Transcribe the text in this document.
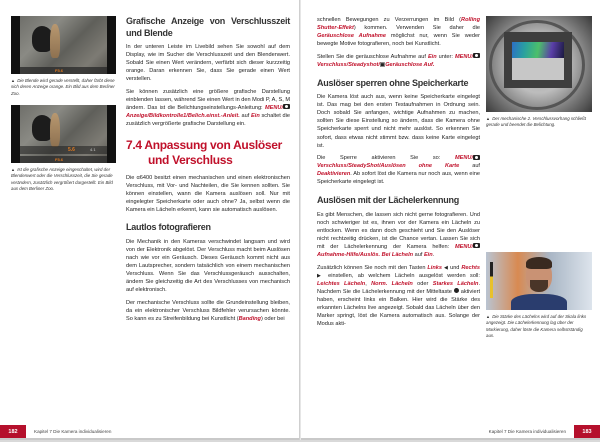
F5.6
▲ Die Blende wird gerade verstellt, daher färbt diese sich deren Anzeige orange. Ein Bild aus dem Berliner Zoo.
5.6	4.1
F5.6
▲ Ist die grafische Anzeige eingeschaltet, wird der Blendenwert oder die Verschlusszeit, die Sie gerade verändern, zusätzlich vergrößert dargestellt. Ein Bild aus dem Berliner Zoo.
Grafische Anzeige von Verschlusszeit und Blende

In der unteren Leiste im Livebild sehen Sie sowohl auf dem Display, wie im Sucher die Verschlusszeit und den Blendenwert. Sobald Sie einen Wert verändern, verfärbt sich dieser kurzzeitig orange. Daran erkennen Sie, dass Sie gerade einen Wert verstellen.

Sie können zusätzlich eine größere grafische Darstellung einblenden lassen, während Sie einen Wert in den Modi P, A, S, M ändern. Das ist die Belichtungseinstellungs-Anleitung: MENU/Anzeige/Bildkontrolle1/Belich.einst.-Anleit. auf Ein schaltet die zusätzlich vergrößerte grafische Darstellung ein.

7.4 Anpassung von Auslöser
und Verschluss

Die α6400 besitzt einen mechanischen und einen elektronischen Verschluss, mit Vor- und Nachteilen, die Sie kennen sollten. Sie können einstellen, wann die Kamera auslösen soll. Nur mit eingelegter Speicherkarte oder auch ohne? Ja, selbst wenn die Kamera ein Lächeln erkennt, kann sie automatisch auslösen.

Lautlos fotografieren

Die Mechanik in den Kameras verschwindet langsam und wird von der Elektronik abgelöst. Der Verschluss macht beim Auslösen nach wie vor ein Geräusch. Dieses Geräusch kommt nicht aus dem Lautsprecher, sondern tatsächlich von einem mechanischen Verschluss. Wenn Sie das Verschlussgeräusch ausschalten, ändern Sie gleichzeitig die Art des Verschlusses von mechanisch auf elektronisch.

Der mechanische Verschluss sollte die Grundeinstellung bleiben, da ein elektronischer Verschluss Bildfehler verursachen könnte. So kann es zu Streifenbildung bei Kunstlicht (Banding) oder bei

182	Kapitel 7 Die Kamera individualisieren

schnellen Bewegungen zu Verzerrungen im Bild (Rolling Shutter-Effekt) kommen. Verwenden Sie daher die Geräuschlose Aufnahme möglichst nur, wenn Sie weder bewegte Motive fotografieren, noch bei Kunstlicht.

Stellen Sie die geräuschlose Aufnahme auf Ein unter: MENU/Verschluss/Steadyshot/▣Geräuschlose Auf.

Auslöser sperren ohne Speicherkarte

Die Kamera löst auch aus, wenn keine Speicherkarte eingelegt ist. Das mag bei den ersten Testaufnahmen in Ordnung sein. Doch sobald Sie anfangen, wichtige Aufnahmen zu machen, sollten Sie diese Einstellung so ändern, dass die Kamera ohne Speicherkarte sperrt und nicht mehr auslöst. So erkennen Sie sofort, dass etwas nicht stimmt bzw. dass keine Karte eingelegt ist.

Die Sperre aktivieren Sie so: MENU/Verschluss/SteadyShot/Auslösen ohne Karte auf Deaktivieren. Ab sofort löst die Kamera nur noch aus, wenn eine Speicherkarte eingelegt ist.

Auslösen mit der Lächelerkennung

Es gibt Menschen, die lassen sich nicht gerne fotografieren. Und noch schwieriger ist es, ihnen vor der Kamera ein Lächeln zu entlocken. Wenn es dann doch geschieht und Sie den Auslöser nicht rechtzeitig drücken, ist die Chance vertan. Lassen Sie sich mit der Lächelerkennung der Kamera helfen: MENU/Aufnahme-Hilfe/Auslös. Bei Lächeln auf Ein.

Zusätzlich können Sie noch mit den Tasten Links ◀ und Rechts ▶ einstellen, ab welchem Lächeln ausgelöst werden soll: Leichtes Lächeln, Norm. Lächeln oder Starkes Lächeln. Nachdem Sie die Lächelerkennung mit der Mitteltaste  aktiviert haben, erscheint links ein Balken. Hier wird die Stärke des erkannten Lächelns live angezeigt. Sobald das Lächeln über den Marker springt, löst die Kamera automatisch aus. Solange der Modus akti-

▲ Der mechanische 2. Verschlussvorhang schließt gerade und beendet die Belichtung.
▲ Die Stärke des Lächelns wird auf der Skala links angezeigt. Die Lächelerkennung lag über der Markierung, daher löste die Kamera selbstständig aus.
Kapitel 7 Die Kamera individualisieren	183
